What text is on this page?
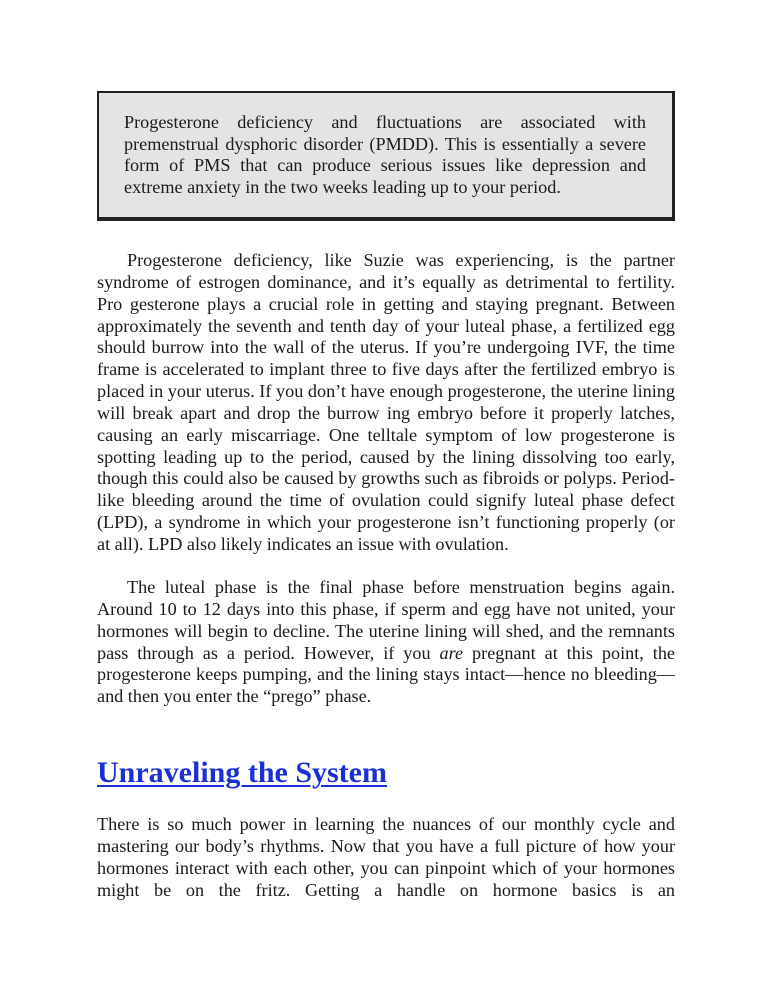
Progesterone deficiency and fluctuations are associated with premenstrual dysphoric disorder (PMDD). This is essentially a severe form of PMS that can produce serious issues like depression and extreme anxiety in the two weeks leading up to your period.

Progesterone deficiency, like Suzie was experiencing, is the partner syndrome of estrogen dominance, and it’s equally as detrimental to fertility. Pro gesterone plays a crucial role in getting and staying pregnant. Between approximately the seventh and tenth day of your luteal phase, a fertilized egg should burrow into the wall of the uterus. If you’re undergoing IVF, the time frame is accelerated to implant three to five days after the fertilized embryo is placed in your uterus. If you don’t have enough progesterone, the uterine lining will break apart and drop the burrow ing embryo before it properly latches, causing an early miscarriage. One telltale symptom of low progesterone is spotting leading up to the period, caused by the lining dissolving too early, though this could also be caused by growths such as fibroids or polyps. Period-like bleeding around the time of ovulation could signify luteal phase defect (LPD), a syndrome in which your progesterone isn’t functioning properly (or at all). LPD also likely indicates an issue with ovulation.

The luteal phase is the final phase before menstruation begins again. Around 10 to 12 days into this phase, if sperm and egg have not united, your hormones will begin to decline. The uterine lining will shed, and the remnants pass through as a period. However, if you are pregnant at this point, the progesterone keeps pumping, and the lining stays intact—hence no bleeding—and then you enter the “prego” phase.

Unraveling the System

There is so much power in learning the nuances of our monthly cycle and mastering our body’s rhythms. Now that you have a full picture of how your hormones interact with each other, you can pinpoint which of your hormones might be on the fritz. Getting a handle on hormone basics is an
